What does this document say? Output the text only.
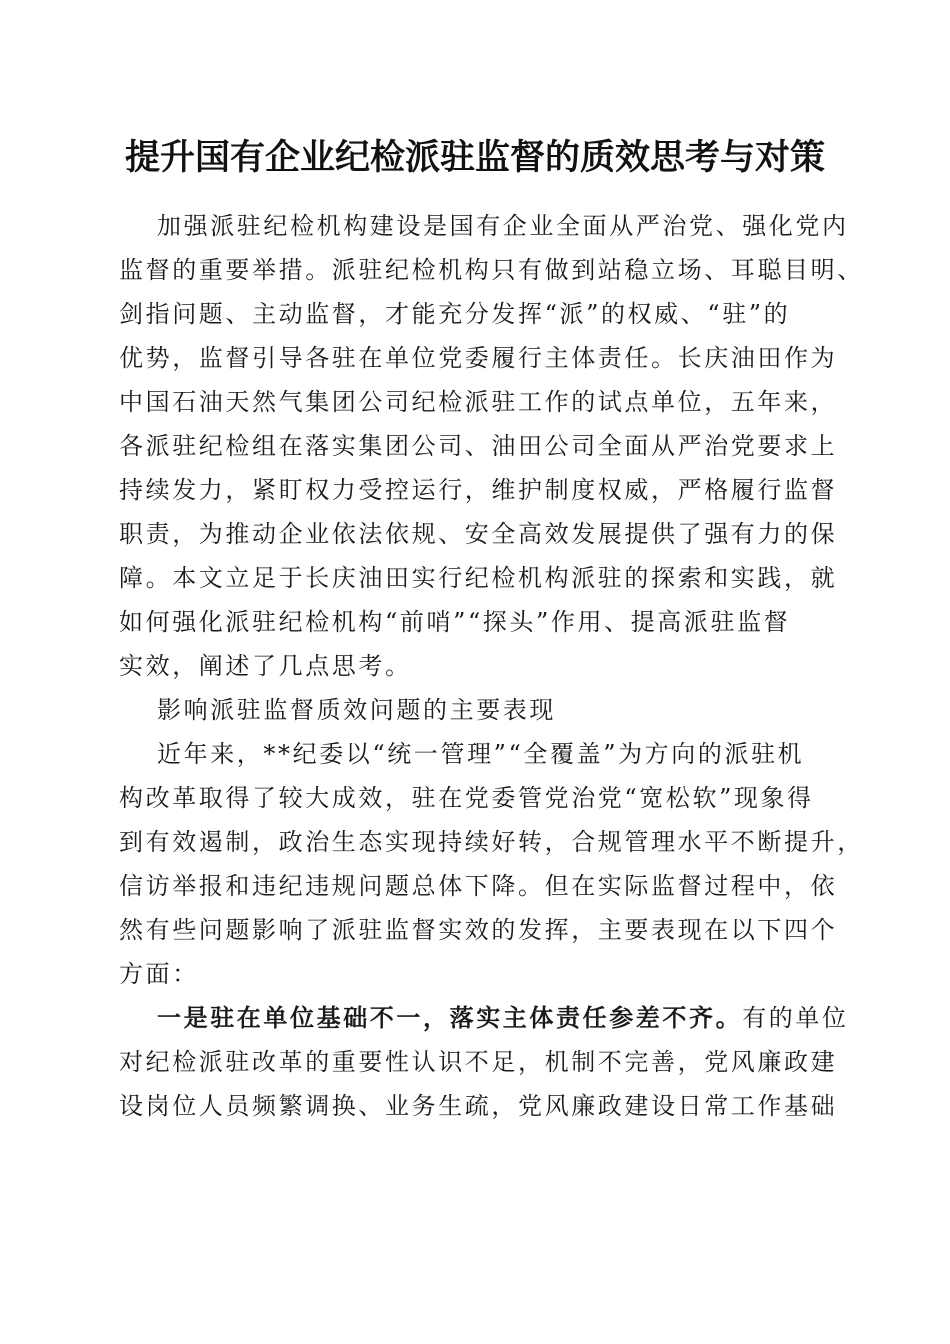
提升国有企业纪检派驻监督的质效思考与对策
加强派驻纪检机构建设是国有企业全面从严治党、强化党内
监督的重要举措。派驻纪检机构只有做到站稳立场、耳聪目明、
剑指问题、主动监督，才能充分发挥“派”的权威、“驻”的
优势，监督引导各驻在单位党委履行主体责任。长庆油田作为
中国石油天然气集团公司纪检派驻工作的试点单位，五年来，
各派驻纪检组在落实集团公司、油田公司全面从严治党要求上
持续发力，紧盯权力受控运行，维护制度权威，严格履行监督
职责，为推动企业依法依规、安全高效发展提供了强有力的保
障。本文立足于长庆油田实行纪检机构派驻的探索和实践，就
如何强化派驻纪检机构“前哨”“探头”作用、提高派驻监督
实效，阐述了几点思考。
影响派驻监督质效问题的主要表现
近年来，**纪委以“统一管理”“全覆盖”为方向的派驻机
构改革取得了较大成效，驻在党委管党治党“宽松软”现象得
到有效遏制，政治生态实现持续好转，合规管理水平不断提升，
信访举报和违纪违规问题总体下降。但在实际监督过程中，依
然有些问题影响了派驻监督实效的发挥，主要表现在以下四个
方面：
一是驻在单位基础不一，落实主体责任参差不齐。有的单位
对纪检派驻改革的重要性认识不足，机制不完善，党风廉政建
设岗位人员频繁调换、业务生疏，党风廉政建设日常工作基础
